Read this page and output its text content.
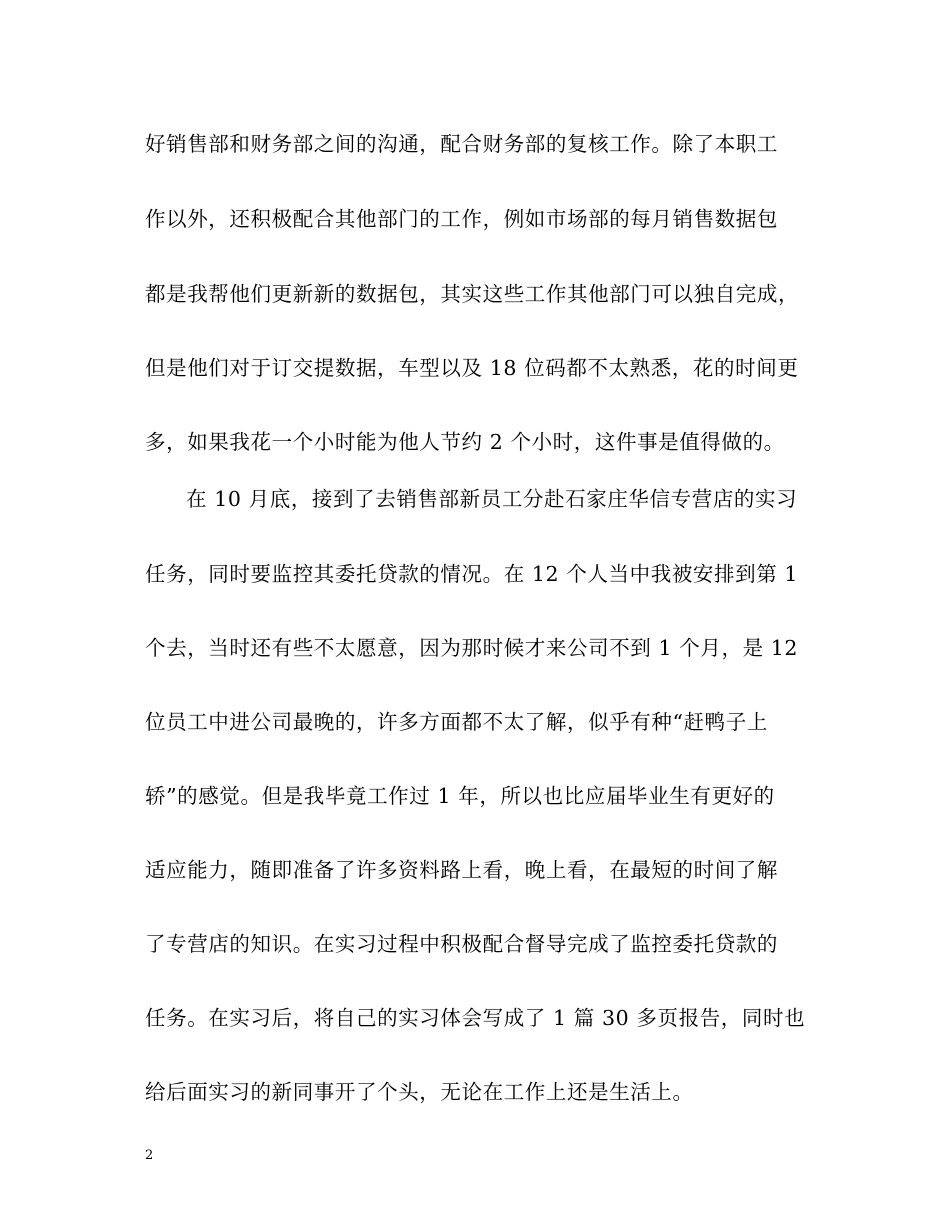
好销售部和财务部之间的沟通，配合财务部的复核工作。除了本职工
作以外，还积极配合其他部门的工作，例如市场部的每月销售数据包
都是我帮他们更新新的数据包，其实这些工作其他部门可以独自完成，
但是他们对于订交提数据，车型以及 18 位码都不太熟悉，花的时间更
多，如果我花一个小时能为他人节约 2 个小时，这件事是值得做的。
在 10 月底，接到了去销售部新员工分赴石家庄华信专营店的实习
任务，同时要监控其委托贷款的情况。在 12 个人当中我被安排到第 1
个去，当时还有些不太愿意，因为那时候才来公司不到 1 个月，是 12
位员工中进公司最晚的，许多方面都不太了解，似乎有种“赶鸭子上
轿”的感觉。但是我毕竟工作过 1 年，所以也比应届毕业生有更好的
适应能力，随即准备了许多资料路上看，晚上看，在最短的时间了解
了专营店的知识。在实习过程中积极配合督导完成了监控委托贷款的
任务。在实习后，将自己的实习体会写成了 1 篇 30 多页报告，同时也
给后面实习的新同事开了个头，无论在工作上还是生活上。
2
